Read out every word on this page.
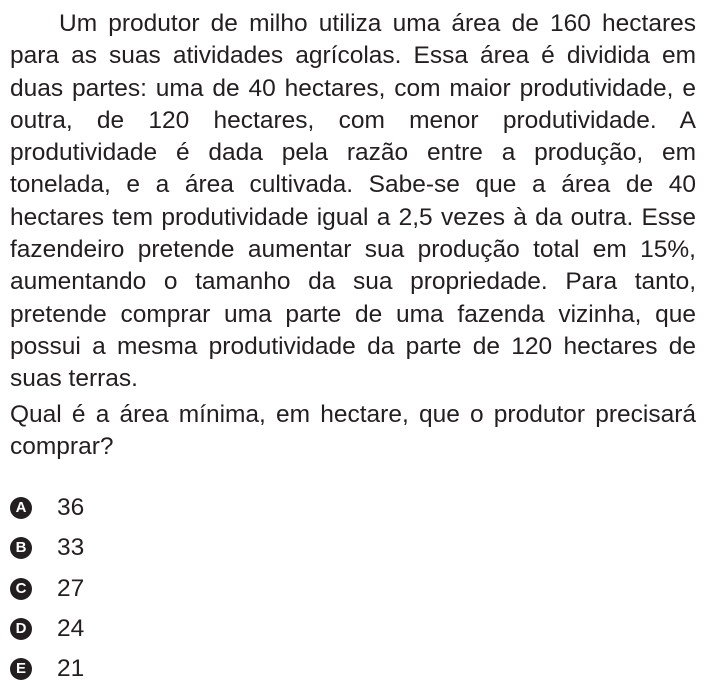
Um produtor de milho utiliza uma área de 160 hectares para as suas atividades agrícolas. Essa área é dividida em duas partes: uma de 40 hectares, com maior produtividade, e outra, de 120 hectares, com menor produtividade. A produtividade é dada pela razão entre a produção, em tonelada, e a área cultivada. Sabe-se que a área de 40 hectares tem produtividade igual a 2,5 vezes à da outra. Esse fazendeiro pretende aumentar sua produção total em 15%, aumentando o tamanho da sua propriedade. Para tanto, pretende comprar uma parte de uma fazenda vizinha, que possui a mesma produtividade da parte de 120 hectares de suas terras.

Qual é a área mínima, em hectare, que o produtor precisará comprar?

A 36
B 33
C 27
D 24
E 21
